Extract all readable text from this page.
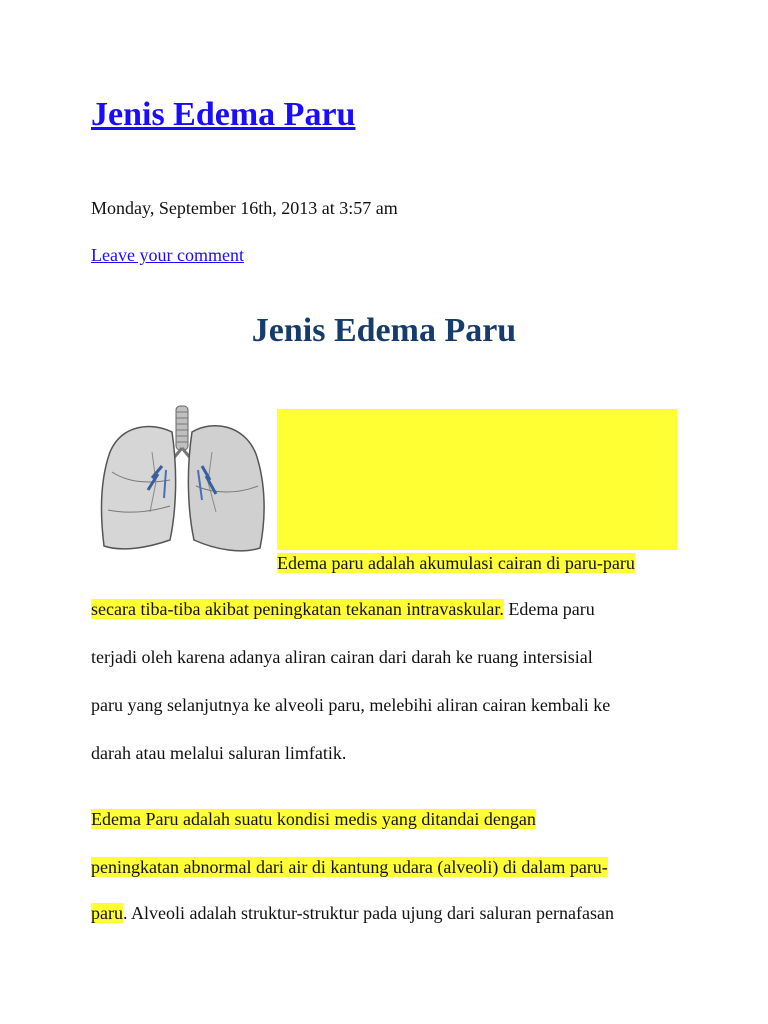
Jenis Edema Paru

Monday, September 16th, 2013 at 3:57 am

Leave your comment
Jenis Edema Paru

Edema paru adalah akumulasi cairan di paru-paru

secara tiba-tiba akibat peningkatan tekanan intravaskular. Edema paru

terjadi oleh karena adanya aliran cairan dari darah ke ruang intersisial

paru yang selanjutnya ke alveoli paru, melebihi aliran cairan kembali ke

darah atau melalui saluran limfatik.

Edema Paru adalah suatu kondisi medis yang ditandai dengan

peningkatan abnormal dari air di kantung udara (alveoli) di dalam paru-

paru. Alveoli adalah struktur-struktur pada ujung dari saluran pernafasan
